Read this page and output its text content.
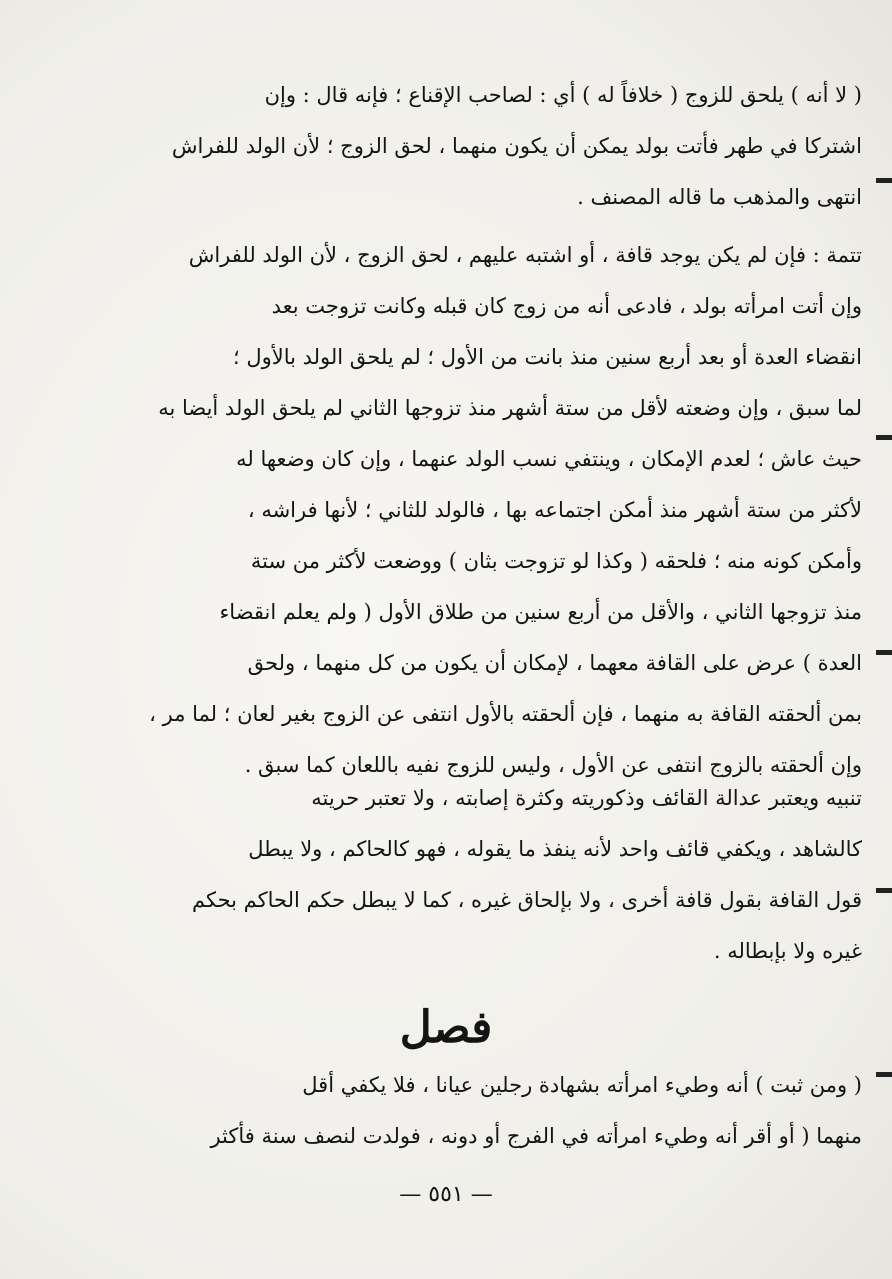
( لا أنه ) يلحق للزوج ( خلافاً له ) أي : لصاحب الإقناع ؛ فإنه قال : وإن

اشتركا في طهر فأتت بولد يمكن أن يكون منهما ، لحق الزوج ؛ لأن الولد للفراش

انتهى والمذهب ما قاله المصنف .

تتمة : فإن لم يكن يوجد قافة ، أو اشتبه عليهم ، لحق الزوج ، لأن الولد للفراش

وإن أتت امرأته بولد ، فادعى أنه من زوج كان قبله وكانت تزوجت بعد

انقضاء العدة أو بعد أربع سنين منذ بانت من الأول ؛ لم يلحق الولد بالأول ؛

لما سبق ، وإن وضعته لأقل من ستة أشهر منذ تزوجها الثاني لم يلحق الولد أيضا به

حيث عاش ؛ لعدم الإمكان ، وينتفي نسب الولد عنهما ، وإن كان وضعها له

لأكثر من ستة أشهر منذ أمكن اجتماعه بها ، فالولد للثاني ؛ لأنها فراشه ،

وأمكن كونه منه ؛ فلحقه ( وكذا لو تزوجت بثان ) ووضعت لأكثر من ستة

منذ تزوجها الثاني ، والأقل من أربع سنين من طلاق الأول ( ولم يعلم انقضاء

العدة ) عرض على القافة معهما ، لإمكان أن يكون من كل منهما ، ولحق

بمن ألحقته القافة به منهما ، فإن ألحقته بالأول انتفى عن الزوج بغير لعان ؛ لما مر ،

وإن ألحقته بالزوج انتفى عن الأول ، وليس للزوج نفيه باللعان كما سبق .

تنبيه ويعتبر عدالة القائف وذكوريته وكثرة إصابته ، ولا تعتبر حريته

كالشاهد ، ويكفي قائف واحد لأنه ينفذ ما يقوله ، فهو كالحاكم ، ولا يبطل

قول القافة بقول قافة أخرى ، ولا بإلحاق غيره ، كما لا يبطل حكم الحاكم بحكم

غيره ولا بإبطاله .

فصل

( ومن ثبت ) أنه وطيء امرأته بشهادة رجلين عيانا ، فلا يكفي أقل

منهما ( أو أقر أنه وطيء امرأته في الفرج أو دونه ، فولدت لنصف سنة فأكثر

— ٥٥١ —
